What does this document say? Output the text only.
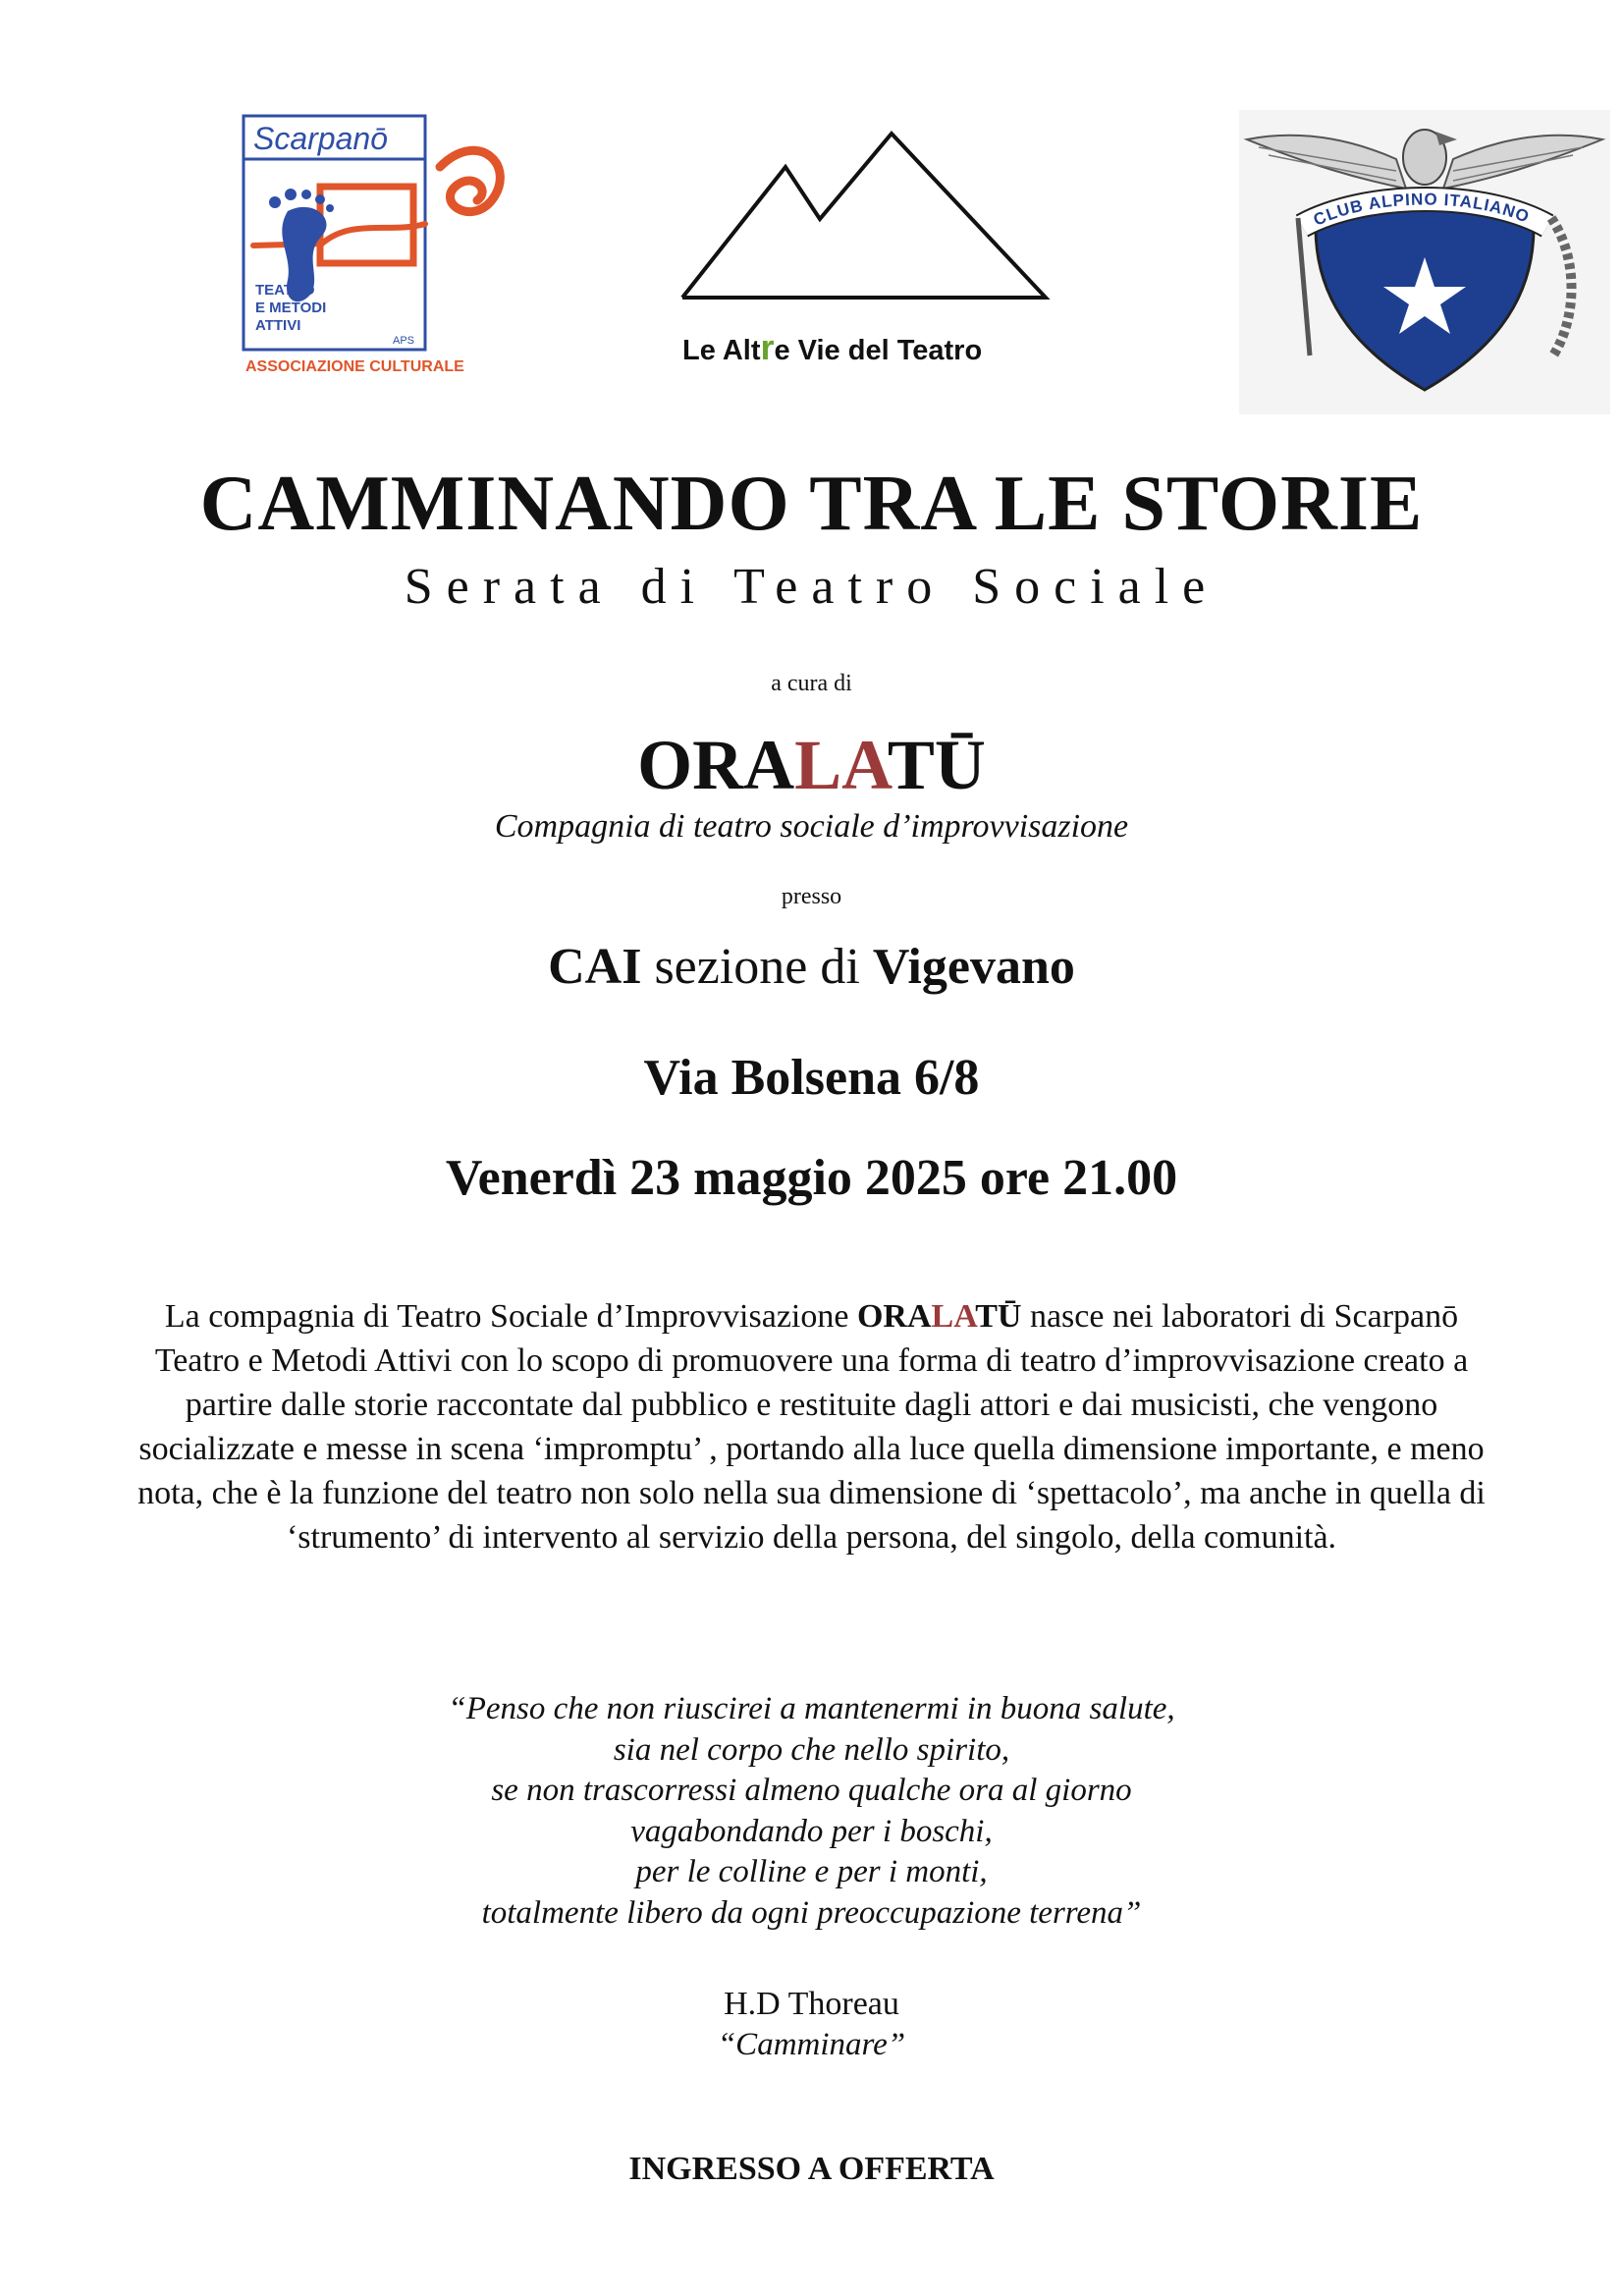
Scarpanō
TEATRO
E METODI
ATTIVI
APS
ASSOCIAZIONE CULTURALE
Le Altre Vie del Teatro
CLUB ALPINO ITALIANO
CAMMINANDO TRA LE STORIE
Serata di Teatro Sociale
a cura di
ORALATŪ
Compagnia di teatro sociale d’improvvisazione
presso
CAI sezione di Vigevano
Via Bolsena 6/8
Venerdì 23 maggio 2025 ore 21.00
La compagnia di Teatro Sociale d’Improvvisazione ORALATŪ nasce nei laboratori di Scarpanō Teatro e Metodi Attivi con lo scopo di promuovere una forma di teatro d’improvvisazione creato a partire dalle storie raccontate dal pubblico e restituite dagli attori e dai musicisti, che vengono socializzate e messe in scena ‘impromptu’ , portando alla luce quella dimensione importante, e meno nota, che è la funzione del teatro non solo nella sua dimensione di ‘spettacolo’, ma anche in quella di ‘strumento’ di intervento al servizio della persona, del singolo, della comunità.
“Penso che non riuscirei a mantenermi in buona salute,
sia nel corpo che nello spirito,
se non trascorressi almeno qualche ora al giorno
vagabondando per i boschi,
per le colline e per i monti,
totalmente libero da ogni preoccupazione terrena”
H.D Thoreau
“Camminare”
INGRESSO A OFFERTA
